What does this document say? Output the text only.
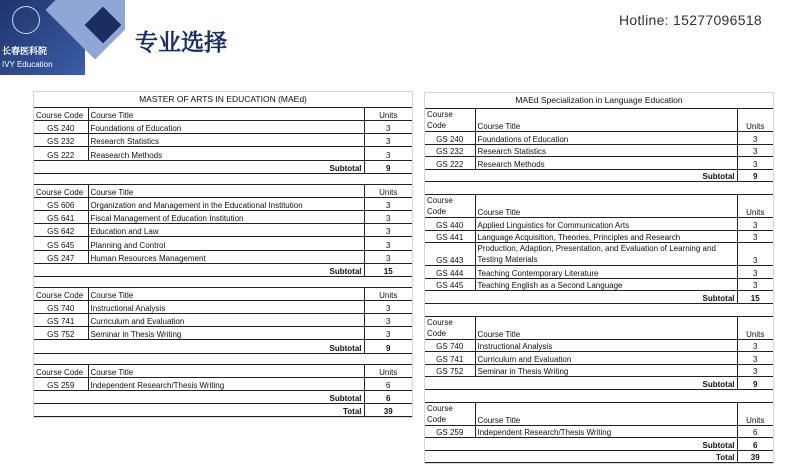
长春医科院
IVY Education
专业选择
Hotline: 15277096518
MASTER OF ARTS IN EDUCATION (MAEd)
Course Code	Course Title	Units
GS 240	Foundations of Education	3
GS 232	Research Statistics	3
GS 222	Reasearch Methods	3
Subtotal		9

Course Code	Course Title	Units
GS 606	Organization and Management in the Educational Institution	3
GS 641	Fiscal Management of Education Institution	3
GS 642	Education and Law	3
GS 645	Planning and Control	3
GS 247	Human Resources Management	3
Subtotal		15

Course Code	Course Title	Units
GS 740	Instructional Analysis	3
GS 741	Curriculum and Evaluation	3
GS 752	Seminar in Thesis Writing	3
Subtotal		9

Course Code	Course Title	Units
GS 259	Independent Research/Thesis Writing	6
Subtotal		6
Total		39
MAEd Specialization in Language Education
Course Code	Course Title	Units
GS 240	Foundations of Education	3
GS 232	Research Statistics	3
GS 222	Research Methods	3
Subtotal		9

Course Code	Course Title	Units
GS 440	Applied Linguistics for Communication Arts	3
GS 441	Language Acquisition, Theories, Principles and Research	3
GS 443	Production, Adaption, Presentation, and Evaluation of Learning and Testing Materials	3
GS 444	Teaching Contemporary Literature	3
GS 445	Teaching English as a Second Language	3
Subtotal		15

Course Code	Course Title	Units
GS 740	Instructional Analysis	3
GS 741	Curriculum and Evaluation	3
GS 752	Seminar in Thesis Writing	3
Subtotal		9

Course Code	Course Title	Units
GS 259	Independent Research/Thesis Writing	6
Subtotal		6
Total		39
